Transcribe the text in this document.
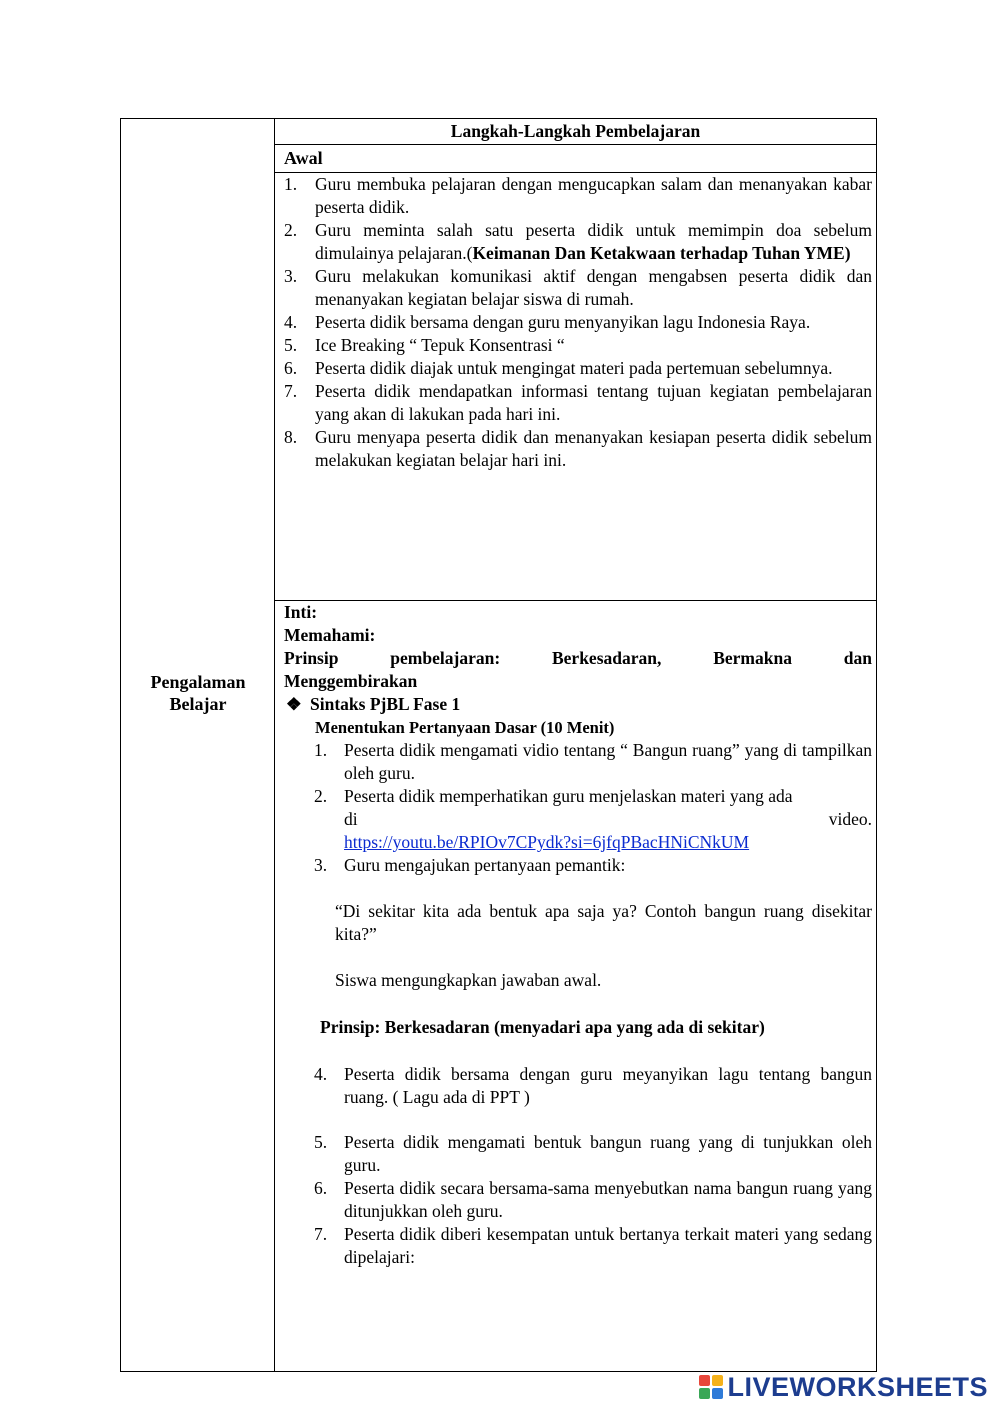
Pengalaman
Belajar
Langkah-Langkah Pembelajaran
Awal
1.	Guru membuka pelajaran dengan mengucapkan salam dan menanyakan kabar peserta didik.
2.	Guru meminta salah satu peserta didik untuk memimpin doa sebelum dimulainya pelajaran.(Keimanan Dan Ketakwaan terhadap Tuhan YME)
3.	Guru melakukan komunikasi aktif dengan mengabsen peserta didik dan menanyakan kegiatan belajar siswa di rumah.
4.	Peserta didik bersama dengan guru menyanyikan lagu Indonesia Raya.
5.	Ice Breaking “ Tepuk Konsentrasi “
6.	Peserta didik diajak untuk mengingat materi pada pertemuan sebelumnya.
7.	Peserta didik mendapatkan informasi tentang tujuan kegiatan pembelajaran yang akan di lakukan pada hari ini.
8.	Guru menyapa peserta didik dan menanyakan kesiapan peserta didik sebelum melakukan kegiatan belajar hari ini.
Inti:
Memahami:
Prinsip	pembelajaran:	Berkesadaran,	Bermakna	dan
Menggembirakan
❖ Sintaks PjBL Fase 1
Menentukan Pertanyaan Dasar (10 Menit)
1. Peserta didik mengamati vidio tentang “ Bangun ruang” yang di tampilkan oleh guru.
2. Peserta didik memperhatikan guru menjelaskan materi yang ada
di	video.
https://youtu.be/RPIOv7CPydk?si=6jfqPBacHNiCNkUM
3. Guru mengajukan pertanyaan pemantik:
“Di sekitar kita ada bentuk apa saja ya? Contoh bangun ruang disekitar kita?”
Siswa mengungkapkan jawaban awal.
Prinsip: Berkesadaran (menyadari apa yang ada di sekitar)
4. Peserta didik bersama dengan guru meyanyikan lagu tentang bangun ruang. ( Lagu ada di PPT )
5. Peserta didik mengamati bentuk bangun ruang yang di tunjukkan oleh guru.
6. Peserta didik secara bersama-sama menyebutkan nama bangun ruang yang ditunjukkan oleh guru.
7. Peserta didik diberi kesempatan untuk bertanya terkait materi yang sedang dipelajari:
LIVEWORKSHEETS
